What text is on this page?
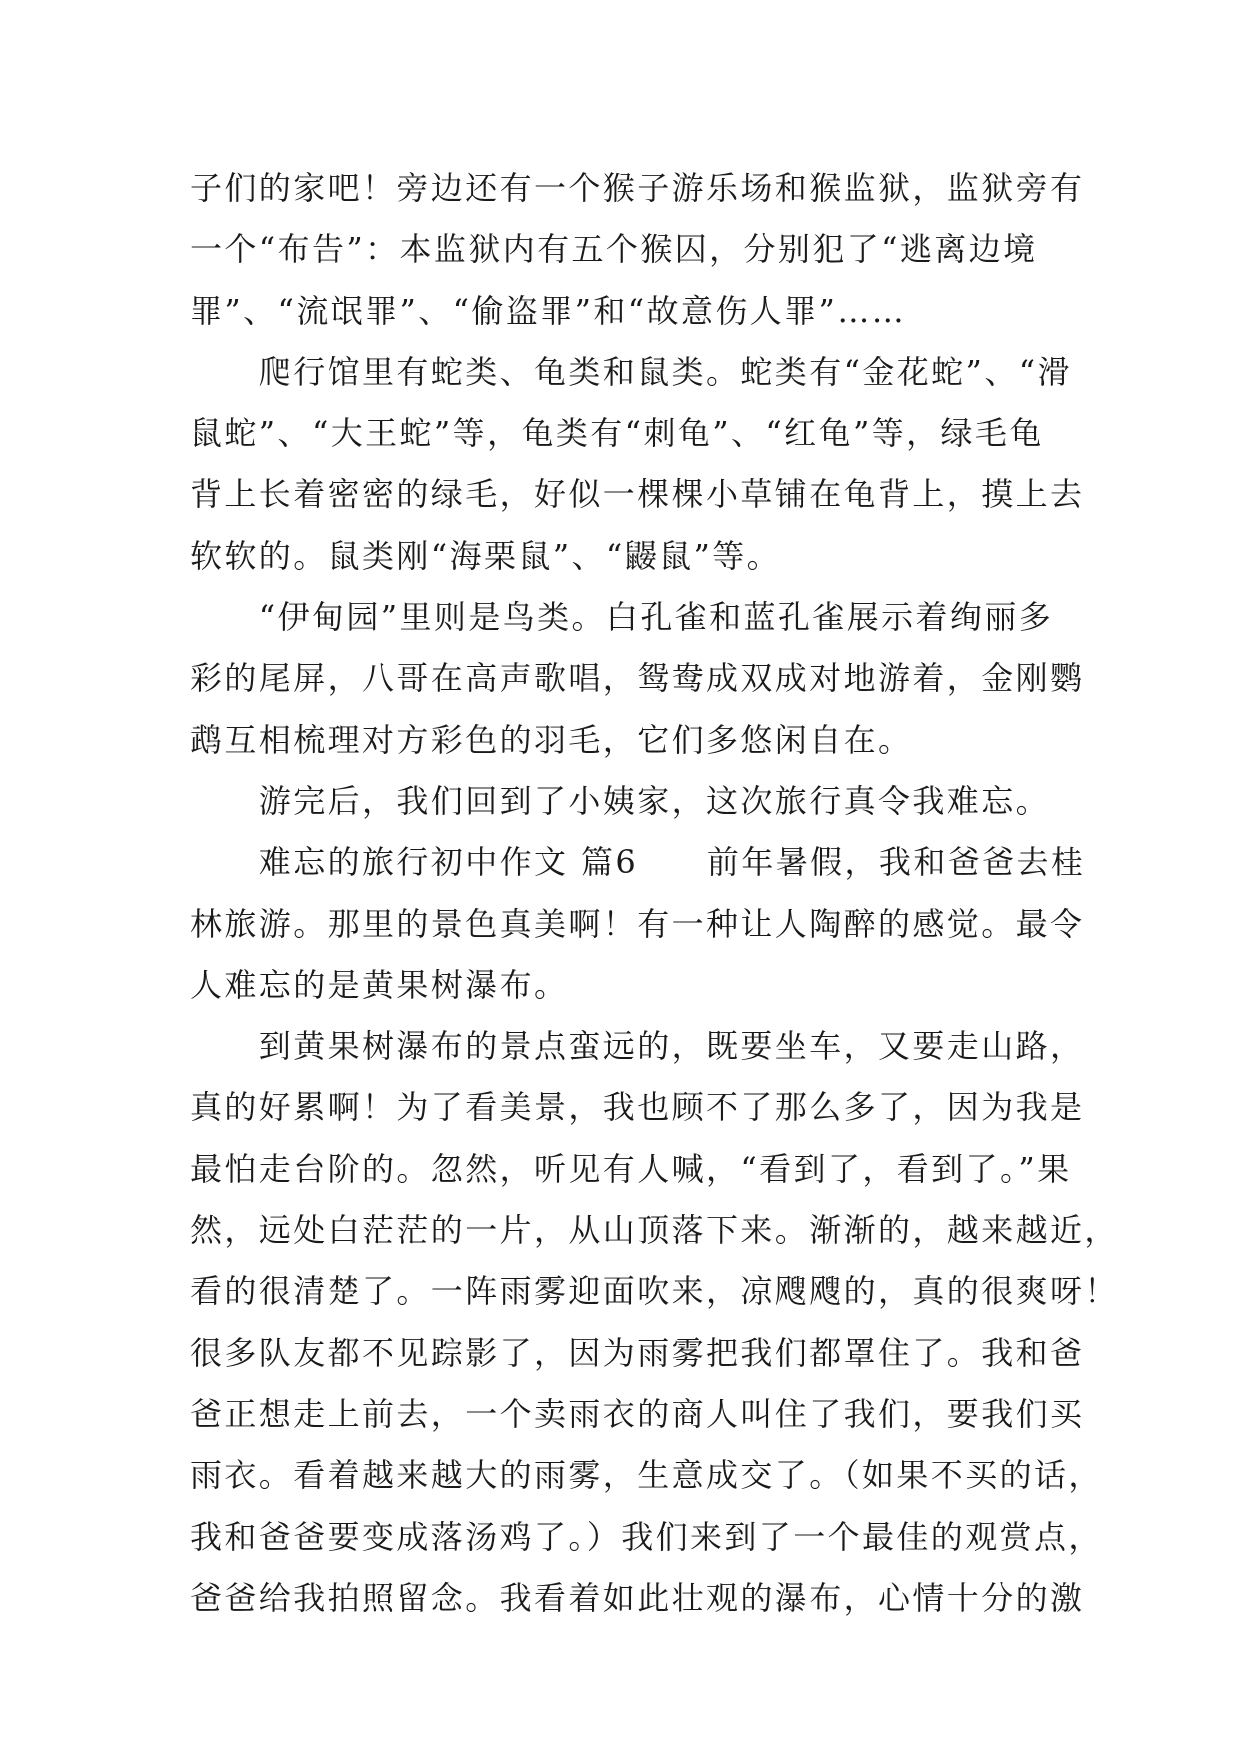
子们的家吧！旁边还有一个猴子游乐场和猴监狱，监狱旁有
一个“布告”：本监狱内有五个猴囚，分别犯了“逃离边境
罪”、“流氓罪”、“偷盗罪”和“故意伤人罪”……
　　爬行馆里有蛇类、龟类和鼠类。蛇类有“金花蛇”、“滑
鼠蛇”、“大王蛇”等，龟类有“刺龟”、“红龟”等，绿毛龟
背上长着密密的绿毛，好似一棵棵小草铺在龟背上，摸上去
软软的。鼠类刚“海栗鼠”、“鼹鼠”等。
　　“伊甸园”里则是鸟类。白孔雀和蓝孔雀展示着绚丽多
彩的尾屏，八哥在高声歌唱，鸳鸯成双成对地游着，金刚鹦
鹉互相梳理对方彩色的羽毛，它们多悠闲自在。
　　游完后，我们回到了小姨家，这次旅行真令我难忘。
　　难忘的旅行初中作文 篇6　　前年暑假，我和爸爸去桂
林旅游。那里的景色真美啊！有一种让人陶醉的感觉。最令
人难忘的是黄果树瀑布。
　　到黄果树瀑布的景点蛮远的，既要坐车，又要走山路，
真的好累啊！为了看美景，我也顾不了那么多了，因为我是
最怕走台阶的。忽然，听见有人喊，“看到了，看到了。”果
然，远处白茫茫的一片，从山顶落下来。渐渐的，越来越近，
看的很清楚了。一阵雨雾迎面吹来，凉飕飕的，真的很爽呀！
很多队友都不见踪影了，因为雨雾把我们都罩住了。我和爸
爸正想走上前去，一个卖雨衣的商人叫住了我们，要我们买
雨衣。看着越来越大的雨雾，生意成交了。（如果不买的话，
我和爸爸要变成落汤鸡了。）我们来到了一个最佳的观赏点，
爸爸给我拍照留念。我看着如此壮观的瀑布，心情十分的激
